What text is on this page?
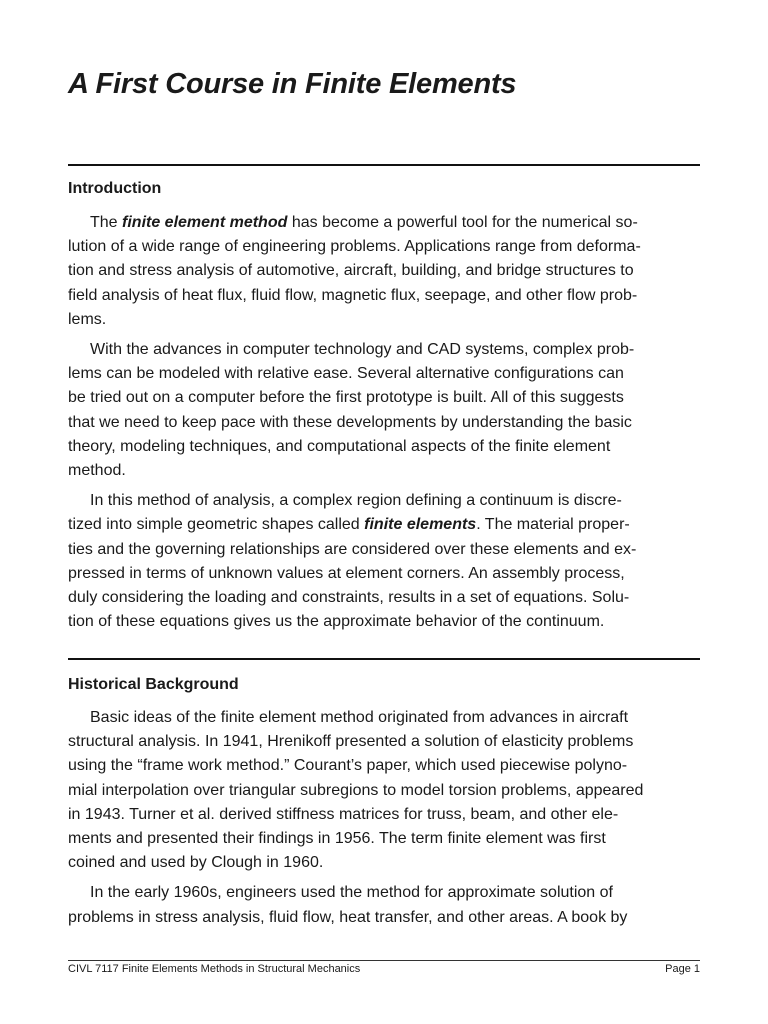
A First Course in Finite Elements
Introduction

The finite element method has become a powerful tool for the numerical so-
lution of a wide range of engineering problems. Applications range from deforma-
tion and stress analysis of automotive, aircraft, building, and bridge structures to
field analysis of heat flux, fluid flow, magnetic flux, seepage, and other flow prob-
lems.

With the advances in computer technology and CAD systems, complex prob-
lems can be modeled with relative ease. Several alternative configurations can
be tried out on a computer before the first prototype is built. All of this suggests
that we need to keep pace with these developments by understanding the basic
theory, modeling techniques, and computational aspects of the finite element
method.

In this method of analysis, a complex region defining a continuum is discre-
tized into simple geometric shapes called finite elements. The material proper-
ties and the governing relationships are considered over these elements and ex-
pressed in terms of unknown values at element corners. An assembly process,
duly considering the loading and constraints, results in a set of equations. Solu-
tion of these equations gives us the approximate behavior of the continuum.

Historical Background

Basic ideas of the finite element method originated from advances in aircraft
structural analysis. In 1941, Hrenikoff presented a solution of elasticity problems
using the “frame work method.” Courant’s paper, which used piecewise polyno-
mial interpolation over triangular subregions to model torsion problems, appeared
in 1943. Turner et al. derived stiffness matrices for truss, beam, and other ele-
ments and presented their findings in 1956. The term finite element was first
coined and used by Clough in 1960.

In the early 1960s, engineers used the method for approximate solution of
problems in stress analysis, fluid flow, heat transfer, and other areas. A book by

CIVL 7117 Finite Elements Methods in Structural Mechanics	Page 1
